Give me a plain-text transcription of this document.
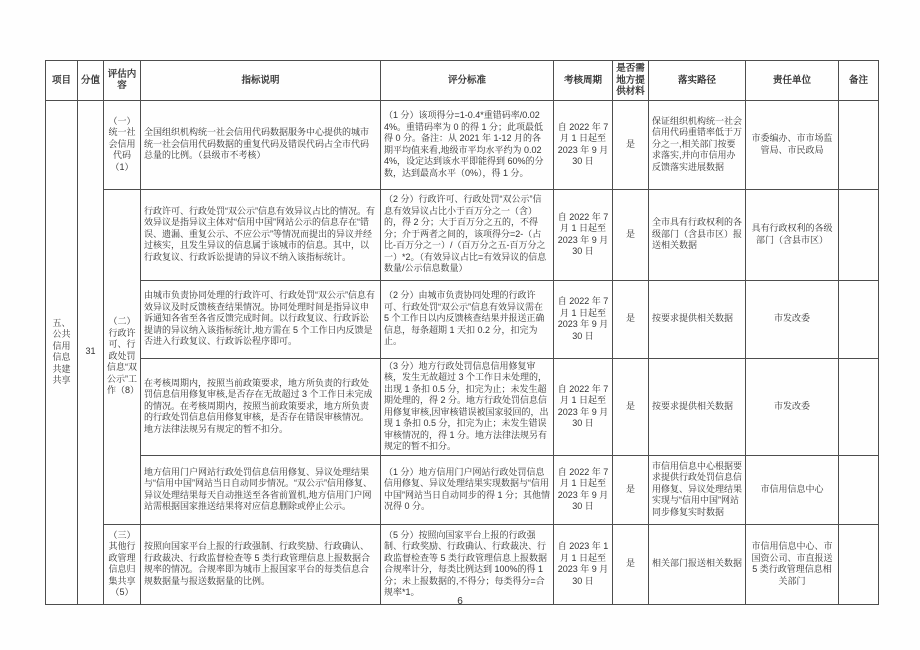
项目	分值	评估内容	指标说明	评分标准	考核周期	是否需地方提供材料	落实路径	责任单位	备注
五、公共信用信息共建共享	31	（一）统一社会信用代码（1）	全国组织机构统一社会信用代码数据服务中心提供的城市统一社会信用代码数据的重复代码及错误代码占全市代码总量的比例。（县级市不考核）	（1 分）该项得分=1-0.4*重错码率/0.024%。重错码率为 0 的得 1 分；此项最低得 0 分。备注：从 2021 年 1-12 月的各期平均值来看,地级市平均水平约为 0.024%，设定达到该水平即能得到 60%的分数，达到最高水平（0%），得 1 分。	自 2022 年 7 月 1 日起至 2023 年 9 月 30 日	是	保证组织机构统一社会信用代码重错率低于万分之一,相关部门按要求落实,并向市信用办反馈落实进展数据	市委编办、市市场监管局、市民政局	
		（二）行政许可、行政处罚信息“双公示”工作（8）	行政许可、行政处罚“双公示”信息有效异议占比的情况。有效异议是指异议主体对“信用中国”网站公示的信息存在“错误、遗漏、重复公示、不应公示”等情况而提出的异议并经过核实，且发生异议的信息属于该城市的信息。其中，以行政复议、行政诉讼提请的异议不纳入该指标统计。	（2 分）行政许可、行政处罚“双公示”信息有效异议占比小于百万分之一（含）的，得 2 分；大于百万分之五的，不得分；介于两者之间的，该项得分=2-（占比-百万分之一）/（百万分之五-百万分之一）*2。（有效异议占比=有效异议的信息数量/公示信息数量）	自 2022 年 7 月 1 日起至 2023 年 9 月 30 日	是	全市具有行政权利的各级部门（含县市区）报送相关数据	具有行政权利的各级部门（含县市区）	
			由城市负责协同处理的行政许可、行政处罚“双公示”信息有效异议及时反馈核查结果情况。协同处理时间是指异议申诉通知各省至各省反馈完成时间。以行政复议、行政诉讼提请的异议纳入该指标统计,地方需在 5 个工作日内反馈是否进入行政复议、行政诉讼程序即可。	（2 分）由城市负责协同处理的行政许可、行政处罚“双公示”信息有效异议需在 5 个工作日以内反馈核查结果并报送正确信息，每条超期 1 天扣 0.2 分，扣完为止。	自 2022 年 7 月 1 日起至 2023 年 9 月 30 日	是	按要求提供相关数据	市发改委	
			在考核周期内，按照当前政策要求，地方所负责的行政处罚信息信用修复审核,是否存在无故超过 3 个工作日未完成的情况。在考核周期内，按照当前政策要求，地方所负责的行政处罚信息信用修复审核，是否存在错误审核情况。地方法律法规另有规定的暂不扣分。	（3 分）地方行政处罚信息信用修复审核，发生无故超过 3 个工作日未处理的，出现 1 条扣 0.5 分，扣完为止；未发生超期处理的，得 2 分。地方行政处罚信息信用修复审核,因审核错误被国家驳回的，出现 1 条扣 0.5 分，扣完为止；未发生错误审核情况的，得 1 分。地方法律法规另有规定的暂不扣分。	自 2022 年 7 月 1 日起至 2023 年 9 月 30 日	是	按要求提供相关数据	市发改委	
			地方信用门户网站行政处罚信息信用修复、异议处理结果与“信用中国”网站当日自动同步情况。“双公示”信用修复、异议处理结果每天自动推送至各省前置机,地方信用门户网站需根据国家推送结果将对应信息删除或停止公示。	（1 分）地方信用门户网站行政处罚信息信用修复、异议处理结果实现数据与“信用中国”网站当日自动同步的得 1 分；其他情况得 0 分。	自 2022 年 7 月 1 日起至 2023 年 9 月 30 日	是	市信用信息中心根据要求提供行政处罚信息信用修复、异议处理结果实现与“信用中国”网站同步修复实时数据	市信用信息中心	
		（三）其他行政管理信息归集共享（5）	按照向国家平台上报的行政强制、行政奖励、行政确认、行政裁决、行政监督检查等 5 类行政管理信息上报数据合规率的情况。合规率即为城市上报国家平台的每类信息合规数据量与报送数据量的比例。	（5 分）按照向国家平台上报的行政强制、行政奖励、行政确认、行政裁决、行政监督检查等 5 类行政管理信息上报数据合规率计分，每类比例达到 100%的得 1 分；未上报数据的,不得分；每类得分=合规率*1。	自 2023 年 1 月 1 日起至 2023 年 9 月 30 日	是	相关部门报送相关数据	市信用信息中心、市国资公司、市直报送 5 类行政管理信息相关部门	
6
